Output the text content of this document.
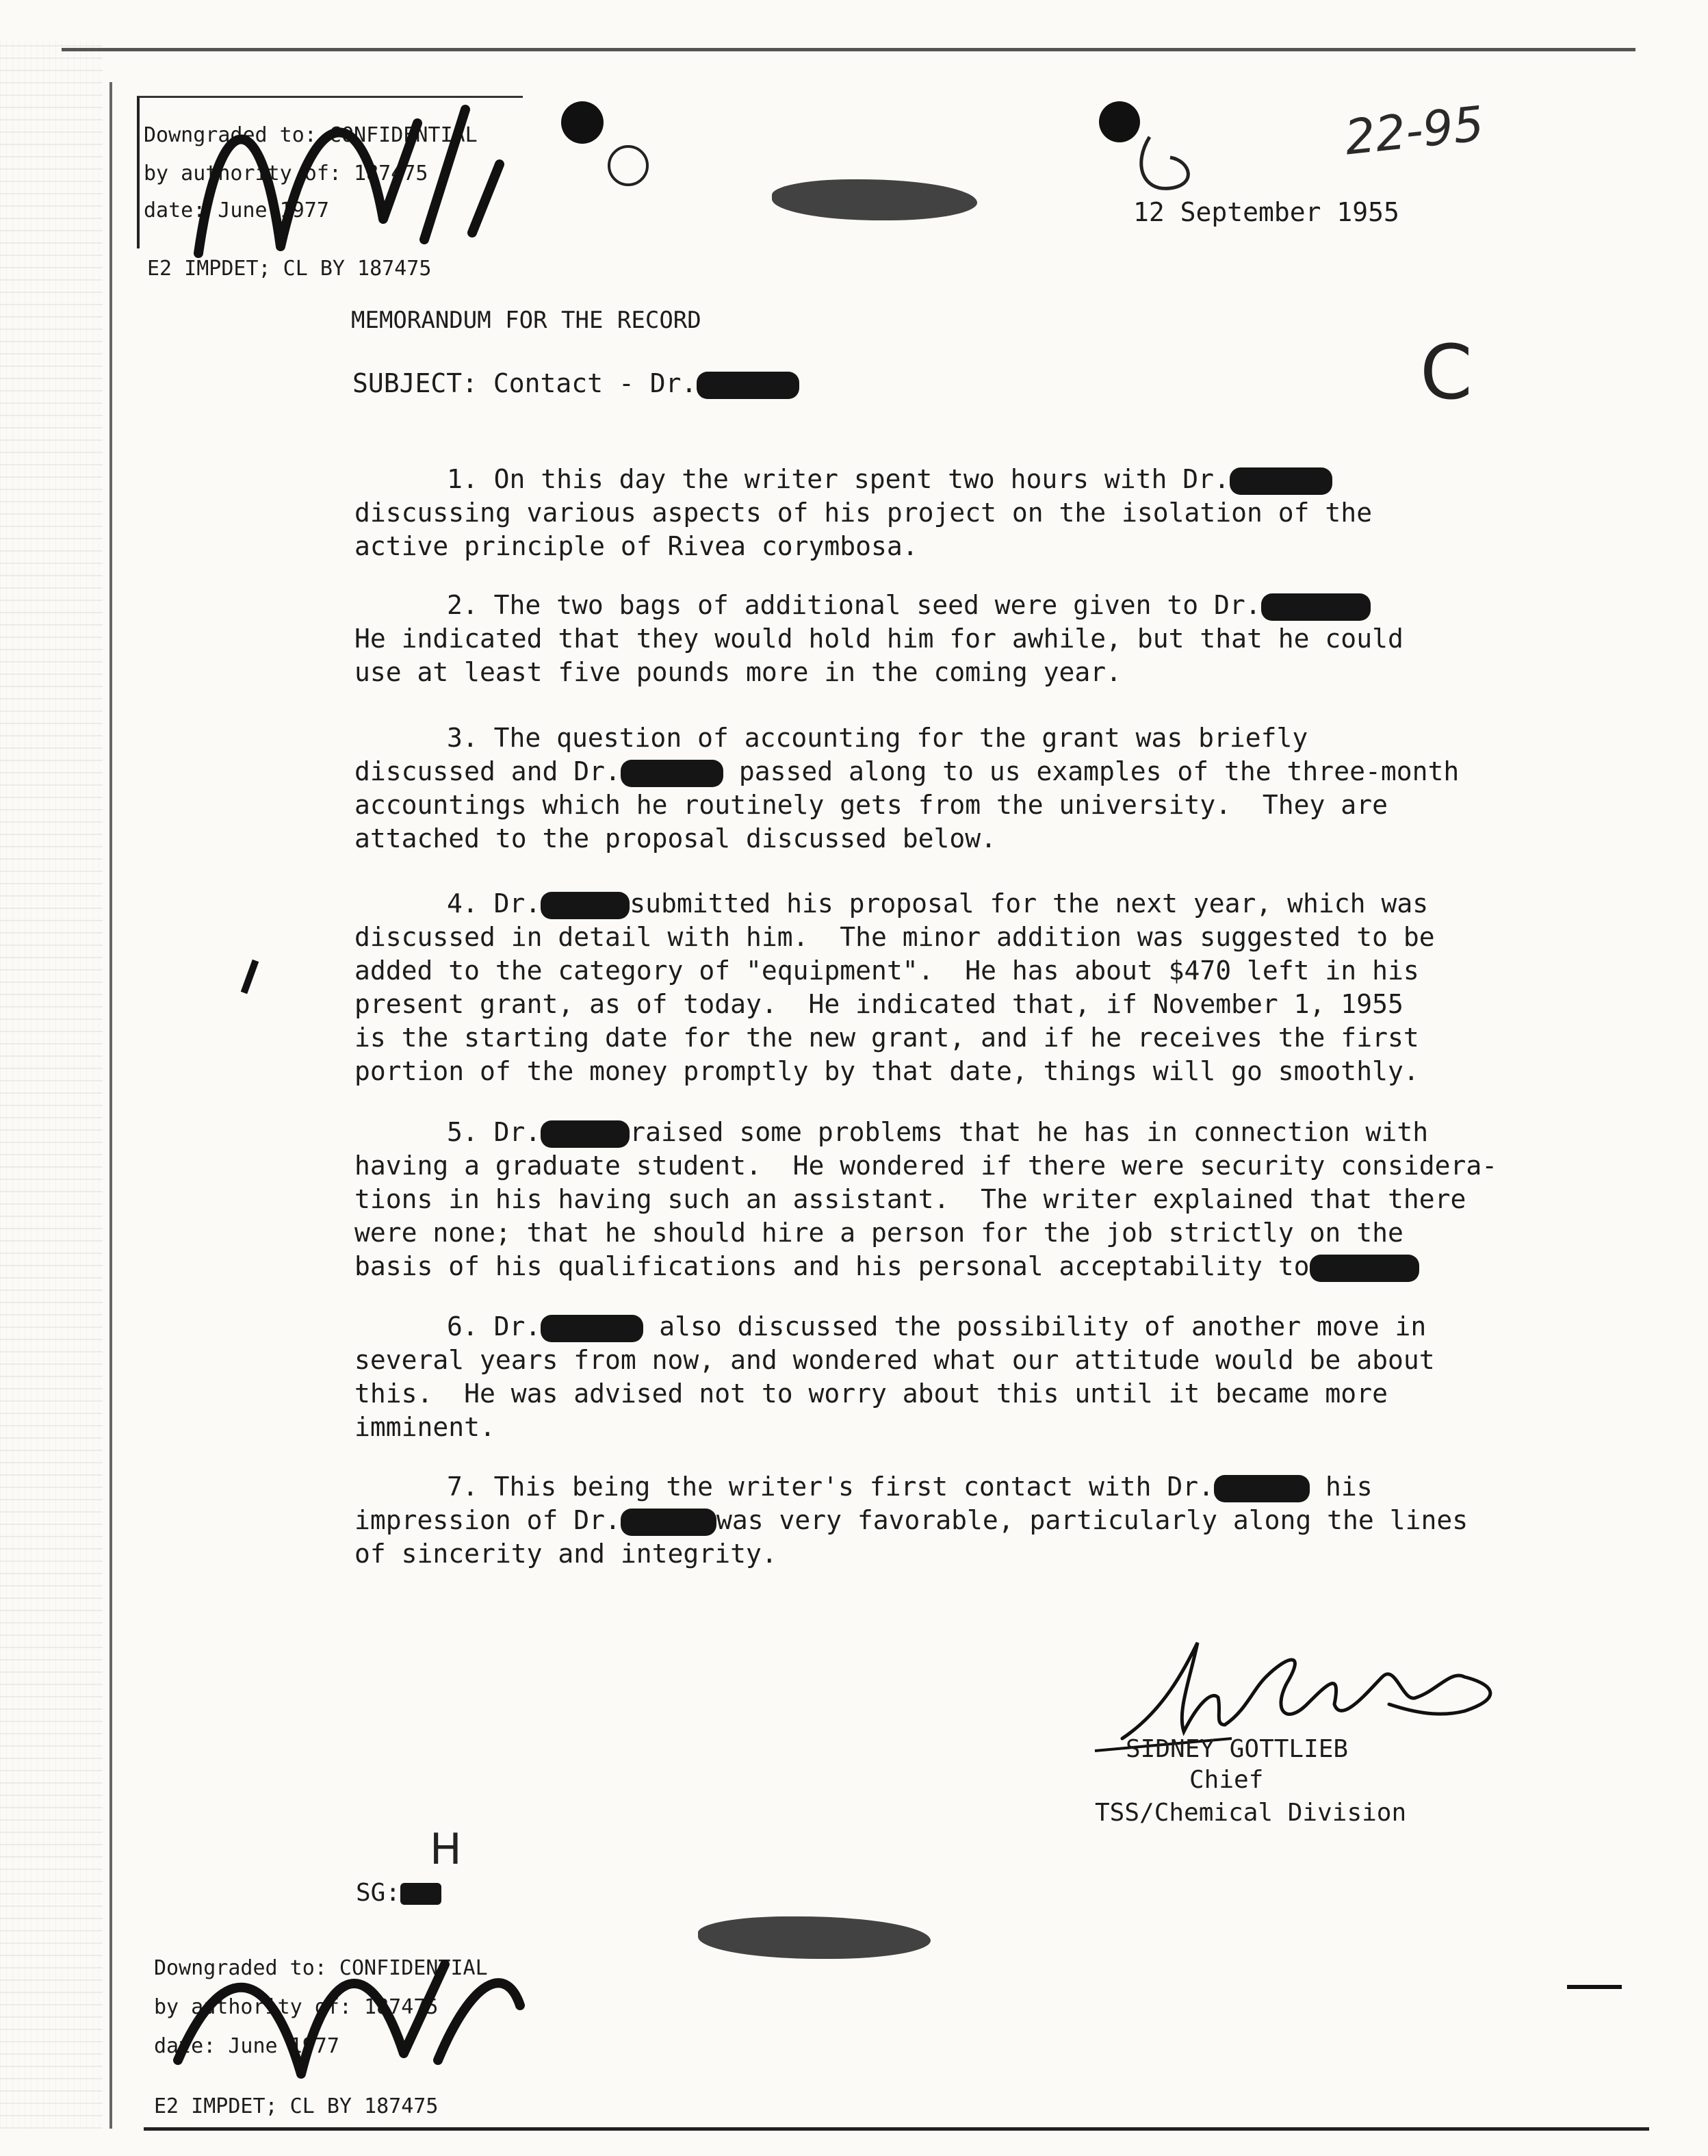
Downgraded to: CONFIDENTIAL
by authority of: 187475
date: June 1977
E2 IMPDET; CL BY 187475
22-95
12 September 1955
C
MEMORANDUM FOR THE RECORD
SUBJECT: Contact - Dr.
1. On this day the writer spent two hours with Dr.
discussing various aspects of his project on the isolation of the
active principle of Rivea corymbosa.
2. The two bags of additional seed were given to Dr.
He indicated that they would hold him for awhile, but that he could
use at least five pounds more in the coming year.
3. The question of accounting for the grant was briefly
discussed and Dr.	passed along to us examples of the three-month
accountings which he routinely gets from the university.  They are
attached to the proposal discussed below.
4. Dr.	submitted his proposal for the next year, which was
discussed in detail with him.  The minor addition was suggested to be
added to the category of "equipment".  He has about $470 left in his
present grant, as of today.  He indicated that, if November 1, 1955
is the starting date for the new grant, and if he receives the first
portion of the money promptly by that date, things will go smoothly.
5. Dr.	raised some problems that he has in connection with
having a graduate student.  He wondered if there were security considera-
tions in his having such an assistant.  The writer explained that there
were none; that he should hire a person for the job strictly on the
basis of his qualifications and his personal acceptability to
6. Dr.	also discussed the possibility of another move in
several years from now, and wondered what our attitude would be about
this.  He was advised not to worry about this until it became more
imminent.
7. This being the writer's first contact with Dr.	his
impression of Dr.	was very favorable, particularly along the lines
of sincerity and integrity.
SIDNEY GOTTLIEB
Chief
TSS/Chemical Division
H
SG:
Downgraded to: CONFIDENTIAL
by authority of: 187475
date: June 1977
E2 IMPDET; CL BY 187475
